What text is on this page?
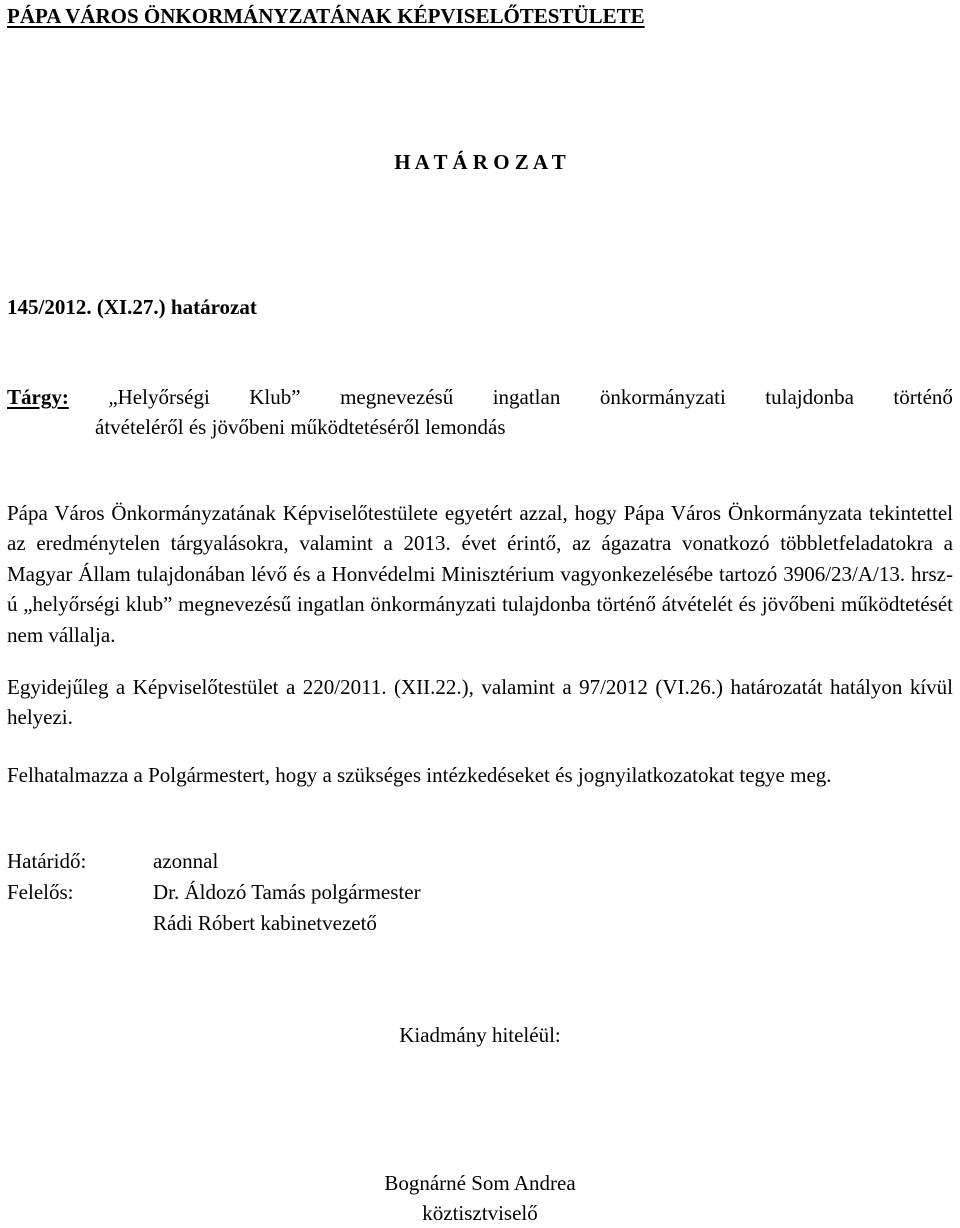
PÁPA VÁROS ÖNKORMÁNYZATÁNAK KÉPVISELŐTESTÜLETE
H A T Á R O Z A T
145/2012. (XI.27.) határozat
Tárgy: „Helyőrségi Klub” megnevezésű ingatlan önkormányzati tulajdonba történő
átvételéről és jövőbeni működtetéséről lemondás
Pápa Város Önkormányzatának Képviselőtestülete egyetért azzal, hogy Pápa Város Önkormányzata tekintettel az eredménytelen tárgyalásokra, valamint a 2013. évet érintő, az ágazatra vonatkozó többletfeladatokra a Magyar Állam tulajdonában lévő és a Honvédelmi Minisztérium vagyonkezelésébe tartozó 3906/23/A/13. hrsz-ú „helyőrségi klub” megnevezésű ingatlan önkormányzati tulajdonba történő átvételét és jövőbeni működtetését nem vállalja.
Egyidejűleg a Képviselőtestület a 220/2011. (XII.22.), valamint a 97/2012 (VI.26.) határozatát hatályon kívül helyezi.
Felhatalmazza a Polgármestert, hogy a szükséges intézkedéseket és jognyilatkozatokat tegye meg.
Határidő:	azonnal
Felelős:	Dr. Áldozó Tamás polgármester
Rádi Róbert kabinetvezető
Kiadmány hiteléül:
Bognárné Som Andrea
köztisztviselő
